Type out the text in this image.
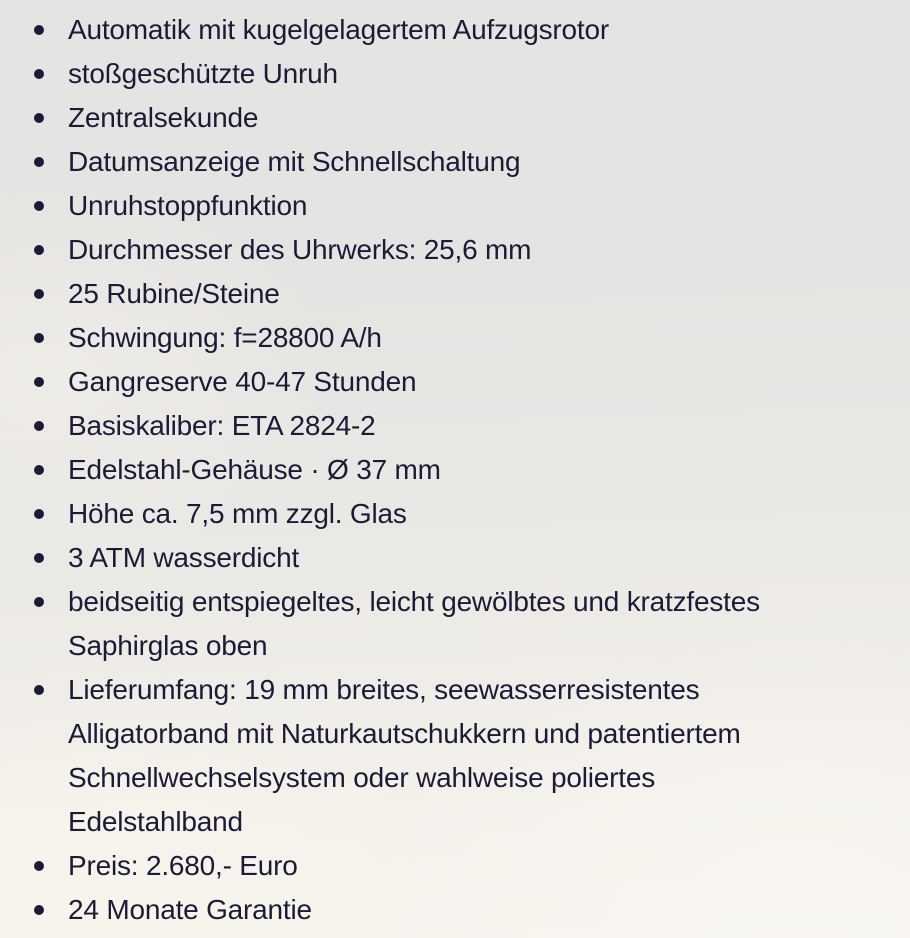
Automatik mit kugelgelagertem Aufzugsrotor
stoßgeschützte Unruh
Zentralsekunde
Datumsanzeige mit Schnellschaltung
Unruhstoppfunktion
Durchmesser des Uhrwerks: 25,6 mm
25 Rubine/Steine
Schwingung: f=28800 A/h
Gangreserve 40-47 Stunden
Basiskaliber: ETA 2824-2
Edelstahl-Gehäuse · Ø 37 mm
Höhe ca. 7,5 mm zzgl. Glas
3 ATM wasserdicht
beidseitig entspiegeltes, leicht gewölbtes und kratzfestes
Saphirglas oben
Lieferumfang: 19 mm breites, seewasserresistentes
Alligatorband mit Naturkautschukkern und patentiertem
Schnellwechselsystem oder wahlweise poliertes
Edelstahlband
Preis: 2.680,- Euro
24 Monate Garantie
